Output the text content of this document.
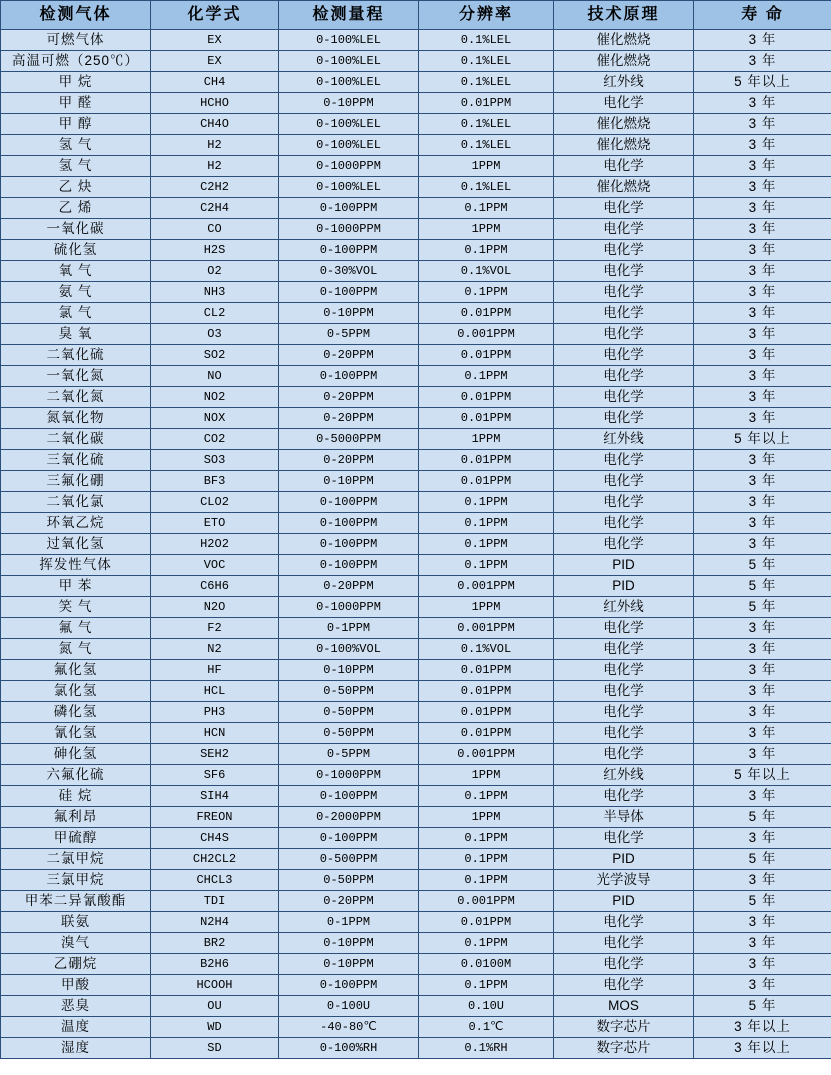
检测气体	化学式	检测量程	分辨率	技术原理	寿 命
可燃气体	EX	0-100%LEL	0.1%LEL	催化燃烧	3 年
高温可燃（250℃）	EX	0-100%LEL	0.1%LEL	催化燃烧	3 年
甲 烷	CH4	0-100%LEL	0.1%LEL	红外线	5 年以上
甲 醛	HCHO	0-10PPM	0.01PPM	电化学	3 年
甲 醇	CH4O	0-100%LEL	0.1%LEL	催化燃烧	3 年
氢 气	H2	0-100%LEL	0.1%LEL	催化燃烧	3 年
氢 气	H2	0-1000PPM	1PPM	电化学	3 年
乙 炔	C2H2	0-100%LEL	0.1%LEL	催化燃烧	3 年
乙 烯	C2H4	0-100PPM	0.1PPM	电化学	3 年
一氧化碳	CO	0-1000PPM	1PPM	电化学	3 年
硫化氢	H2S	0-100PPM	0.1PPM	电化学	3 年
氧 气	O2	0-30%VOL	0.1%VOL	电化学	3 年
氨 气	NH3	0-100PPM	0.1PPM	电化学	3 年
氯 气	CL2	0-10PPM	0.01PPM	电化学	3 年
臭 氧	O3	0-5PPM	0.001PPM	电化学	3 年
二氧化硫	SO2	0-20PPM	0.01PPM	电化学	3 年
一氧化氮	NO	0-100PPM	0.1PPM	电化学	3 年
二氧化氮	NO2	0-20PPM	0.01PPM	电化学	3 年
氮氧化物	NOX	0-20PPM	0.01PPM	电化学	3 年
二氧化碳	CO2	0-5000PPM	1PPM	红外线	5 年以上
三氧化硫	SO3	0-20PPM	0.01PPM	电化学	3 年
三氟化硼	BF3	0-10PPM	0.01PPM	电化学	3 年
二氧化氯	CLO2	0-100PPM	0.1PPM	电化学	3 年
环氧乙烷	ETO	0-100PPM	0.1PPM	电化学	3 年
过氧化氢	H2O2	0-100PPM	0.1PPM	电化学	3 年
挥发性气体	VOC	0-100PPM	0.1PPM	PID	5 年
甲 苯	C6H6	0-20PPM	0.001PPM	PID	5 年
笑 气	N2O	0-1000PPM	1PPM	红外线	5 年
氟 气	F2	0-1PPM	0.001PPM	电化学	3 年
氮 气	N2	0-100%VOL	0.1%VOL	电化学	3 年
氟化氢	HF	0-10PPM	0.01PPM	电化学	3 年
氯化氢	HCL	0-50PPM	0.01PPM	电化学	3 年
磷化氢	PH3	0-50PPM	0.01PPM	电化学	3 年
氰化氢	HCN	0-50PPM	0.01PPM	电化学	3 年
砷化氢	SEH2	0-5PPM	0.001PPM	电化学	3 年
六氟化硫	SF6	0-1000PPM	1PPM	红外线	5 年以上
硅 烷	SIH4	0-100PPM	0.1PPM	电化学	3 年
氟利昂	FREON	0-2000PPM	1PPM	半导体	5 年
甲硫醇	CH4S	0-100PPM	0.1PPM	电化学	3 年
二氯甲烷	CH2CL2	0-500PPM	0.1PPM	PID	5 年
三氯甲烷	CHCL3	0-50PPM	0.1PPM	光学波导	3 年
甲苯二异氰酸酯	TDI	0-20PPM	0.001PPM	PID	5 年
联氨	N2H4	0-1PPM	0.01PPM	电化学	3 年
溴气	BR2	0-10PPM	0.1PPM	电化学	3 年
乙硼烷	B2H6	0-10PPM	0.0100M	电化学	3 年
甲酸	HCOOH	0-100PPM	0.1PPM	电化学	3 年
恶臭	OU	0-100U	0.10U	MOS	5 年
温度	WD	-40-80℃	0.1℃	数字芯片	3 年以上
湿度	SD	0-100%RH	0.1%RH	数字芯片	3 年以上
